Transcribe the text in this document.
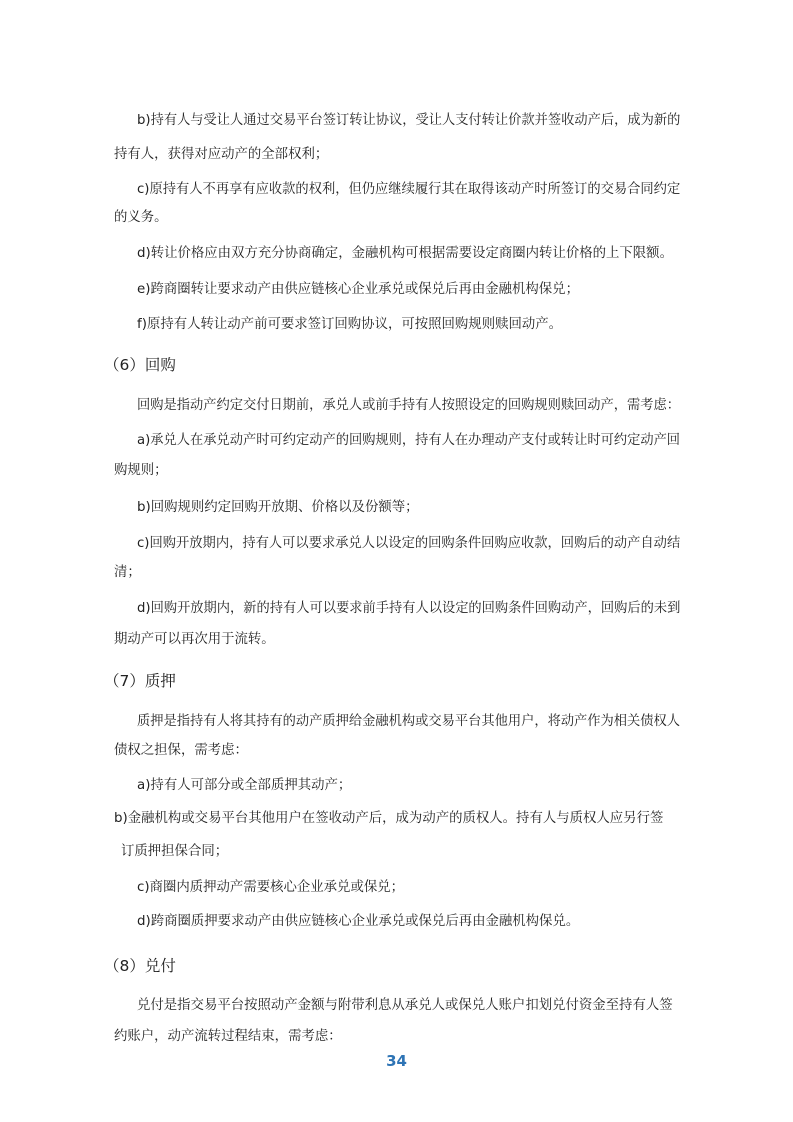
b)持有人与受让人通过交易平台签订转让协议，受让人支付转让价款并签收动产后，成为新的
持有人，获得对应动产的全部权利；
c)原持有人不再享有应收款的权利，但仍应继续履行其在取得该动产时所签订的交易合同约定
的义务。
d)转让价格应由双方充分协商确定，金融机构可根据需要设定商圈内转让价格的上下限额。
e)跨商圈转让要求动产由供应链核心企业承兑或保兑后再由金融机构保兑；
f)原持有人转让动产前可要求签订回购协议，可按照回购规则赎回动产。
（6）回购
回购是指动产约定交付日期前，承兑人或前手持有人按照设定的回购规则赎回动产，需考虑：
a)承兑人在承兑动产时可约定动产的回购规则，持有人在办理动产支付或转让时可约定动产回
购规则；
b)回购规则约定回购开放期、价格以及份额等；
c)回购开放期内，持有人可以要求承兑人以设定的回购条件回购应收款，回购后的动产自动结
清；
d)回购开放期内，新的持有人可以要求前手持有人以设定的回购条件回购动产，回购后的未到
期动产可以再次用于流转。
（7）质押
质押是指持有人将其持有的动产质押给金融机构或交易平台其他用户，将动产作为相关债权人
债权之担保，需考虑：
a)持有人可部分或全部质押其动产；
b)金融机构或交易平台其他用户在签收动产后，成为动产的质权人。持有人与质权人应另行签
订质押担保合同；
c)商圈内质押动产需要核心企业承兑或保兑；
d)跨商圈质押要求动产由供应链核心企业承兑或保兑后再由金融机构保兑。
（8）兑付
兑付是指交易平台按照动产金额与附带利息从承兑人或保兑人账户扣划兑付资金至持有人签
约账户，动产流转过程结束，需考虑：
34
